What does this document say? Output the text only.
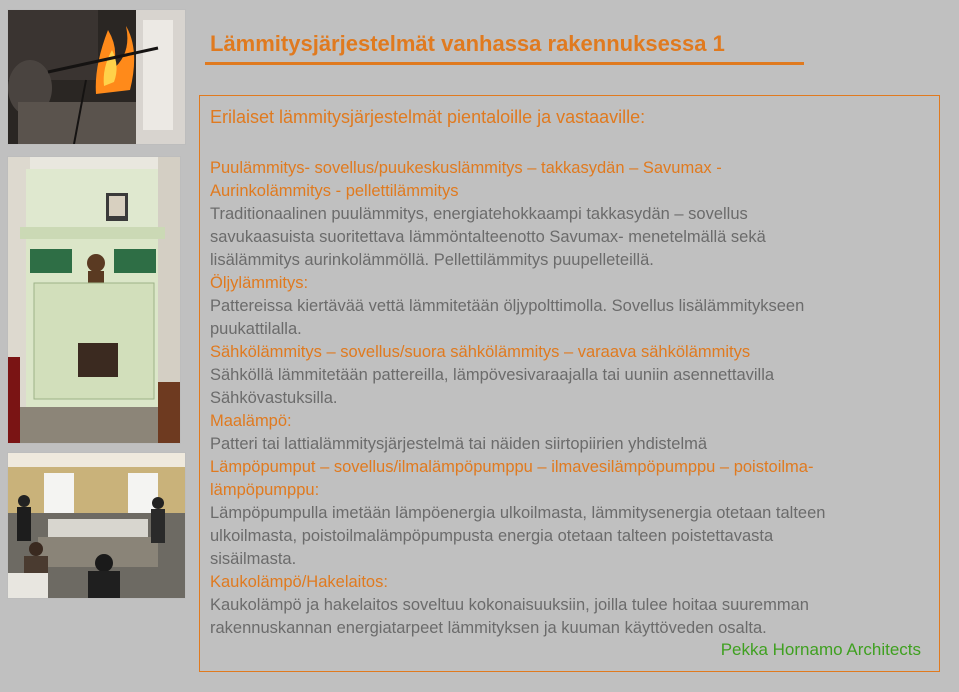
Lämmitysjärjestelmät vanhassa rakennuksessa 1
Erilaiset lämmitysjärjestelmät pientaloille ja vastaaville:
Puulämmitys- sovellus/puukeskuslämmitys – takkasydän – Savumax -
Aurinkolämmitys - pellettilämmitys
Traditionaalinen puulämmitys, energiatehokkaampi takkasydän – sovellus
savukaasuista suoritettava lämmöntalteenotto Savumax- menetelmällä sekä
lisälämmitys aurinkolämmöllä. Pellettilämmitys puupelleteillä.
Öljylämmitys:
Pattereissa kiertävää vettä lämmitetään öljypolttimolla. Sovellus lisälämmitykseen
puukattilalla.
Sähkölämmitys – sovellus/suora sähkölämmitys – varaava sähkölämmitys
Sähköllä lämmitetään pattereilla, lämpövesivaraajalla tai uuniin asennettavilla
Sähkövastuksilla.
Maalämpö:
Patteri tai lattialämmitysjärjestelmä tai näiden siirtopiirien yhdistelmä
Lämpöpumput – sovellus/ilmalämpöpumppu – ilmavesilämpöpumppu – poistoilma-
lämpöpumppu:
Lämpöpumpulla imetään lämpöenergia ulkoilmasta, lämmitysenergia otetaan talteen
ulkoilmasta, poistoilmalämpöpumpusta energia otetaan talteen poistettavasta
sisäilmasta.
Kaukolämpö/Hakelaitos:
Kaukolämpö ja hakelaitos soveltuu kokonaisuuksiin, joilla tulee hoitaa suuremman
rakennuskannan energiatarpeet lämmityksen ja kuuman käyttöveden osalta.
Pekka Hornamo Architects
